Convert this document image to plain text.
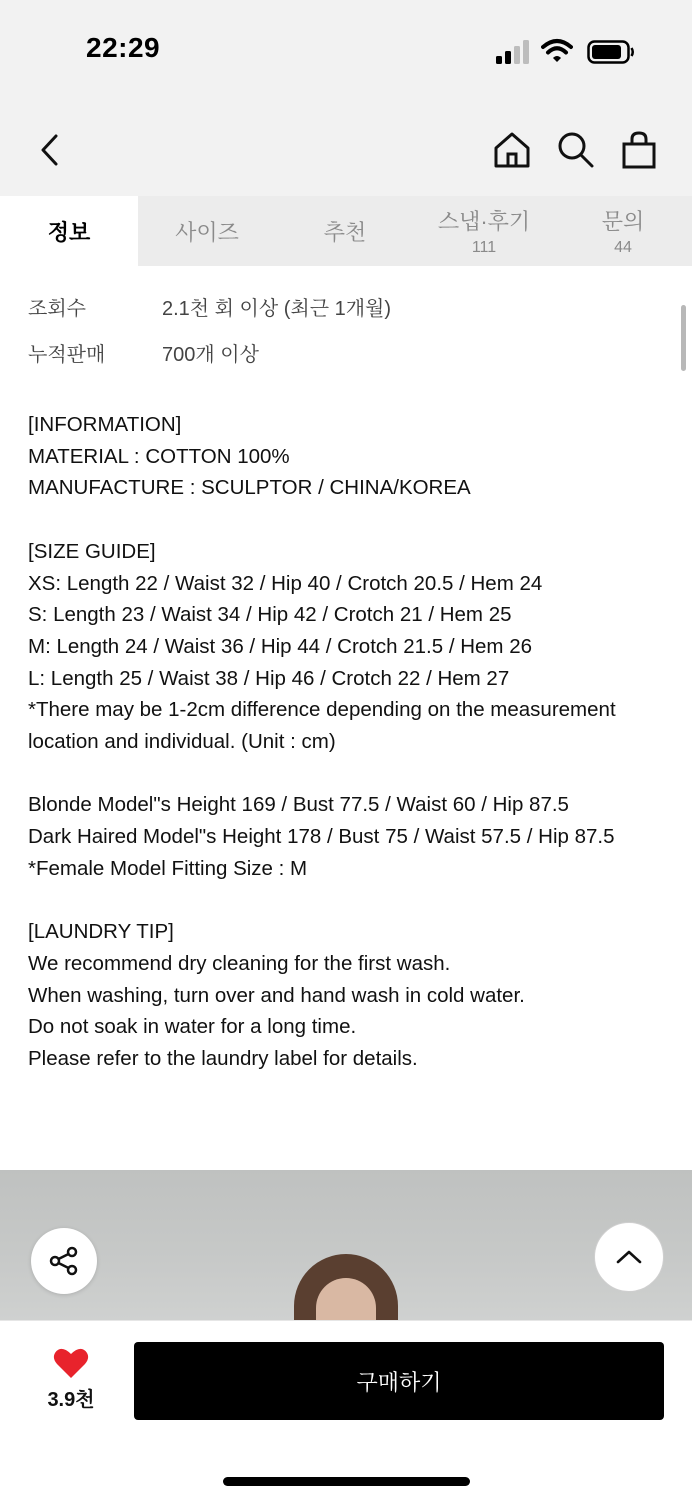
22:29
정보	사이즈	추천	스냅·후기
111
문의
44
조회수	2.1천 회 이상 (최근 1개월)
누적판매	700개 이상

[INFORMATION]

MATERIAL : COTTON 100%

MANUFACTURE : SCULPTOR / CHINA/KOREA

[SIZE GUIDE]

XS: Length 22 / Waist 32 / Hip 40 / Crotch 20.5 / Hem 24

S: Length 23 / Waist 34 / Hip 42 / Crotch 21 / Hem 25

M: Length 24 / Waist 36 / Hip 44 / Crotch 21.5 / Hem 26

L: Length 25 / Waist 38 / Hip 46 / Crotch 22 / Hem 27

*There may be 1-2cm difference depending on the measurement location and individual. (Unit : cm)

Blonde Model"s Height 169 / Bust 77.5 / Waist 60 / Hip 87.5

Dark Haired Model"s Height 178 / Bust 75 / Waist 57.5 / Hip 87.5

*Female Model Fitting Size : M

[LAUNDRY TIP]

We recommend dry cleaning for the first wash.

When washing, turn over and hand wash in cold water.

Do not soak in water for a long time.

Please refer to the laundry label for details.

3.9천
구매하기
